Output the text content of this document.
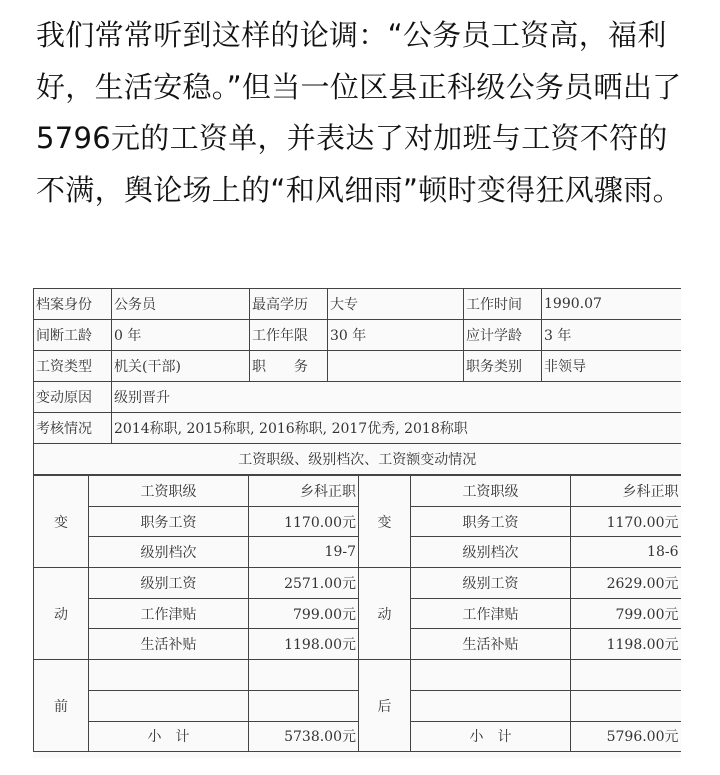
我们常常听到这样的论调：“公务员工资高，福利好，生活安稳。”但当一位区县正科级公务员晒出了5796元的工资单，并表达了对加班与工资不符的不满，舆论场上的“和风细雨”顿时变得狂风骤雨。
档案身份	公务员	最高学历	大专	工作时间	1990.07
间断工龄	0 年	工作年限	30 年	应计学龄	3 年
工资类型	机关(干部)	职　　务		职务类别	非领导
变动原因	级别晋升				
考核情况	2014称职, 2015称职, 2016称职, 2017优秀, 2018称职				
工资职级、级别档次、工资额变动情况					
变	工资职级	乡科正职	变	工资职级	乡科正职
	职务工资	1170.00元		职务工资	1170.00元
	级别档次	19-7		级别档次	18-6
动	级别工资	2571.00元	动	级别工资	2629.00元
	工作津贴	799.00元		工作津贴	799.00元
	生活补贴	1198.00元		生活补贴	1198.00元
前			后		

	小　计	5738.00元		小　计	5796.00元
